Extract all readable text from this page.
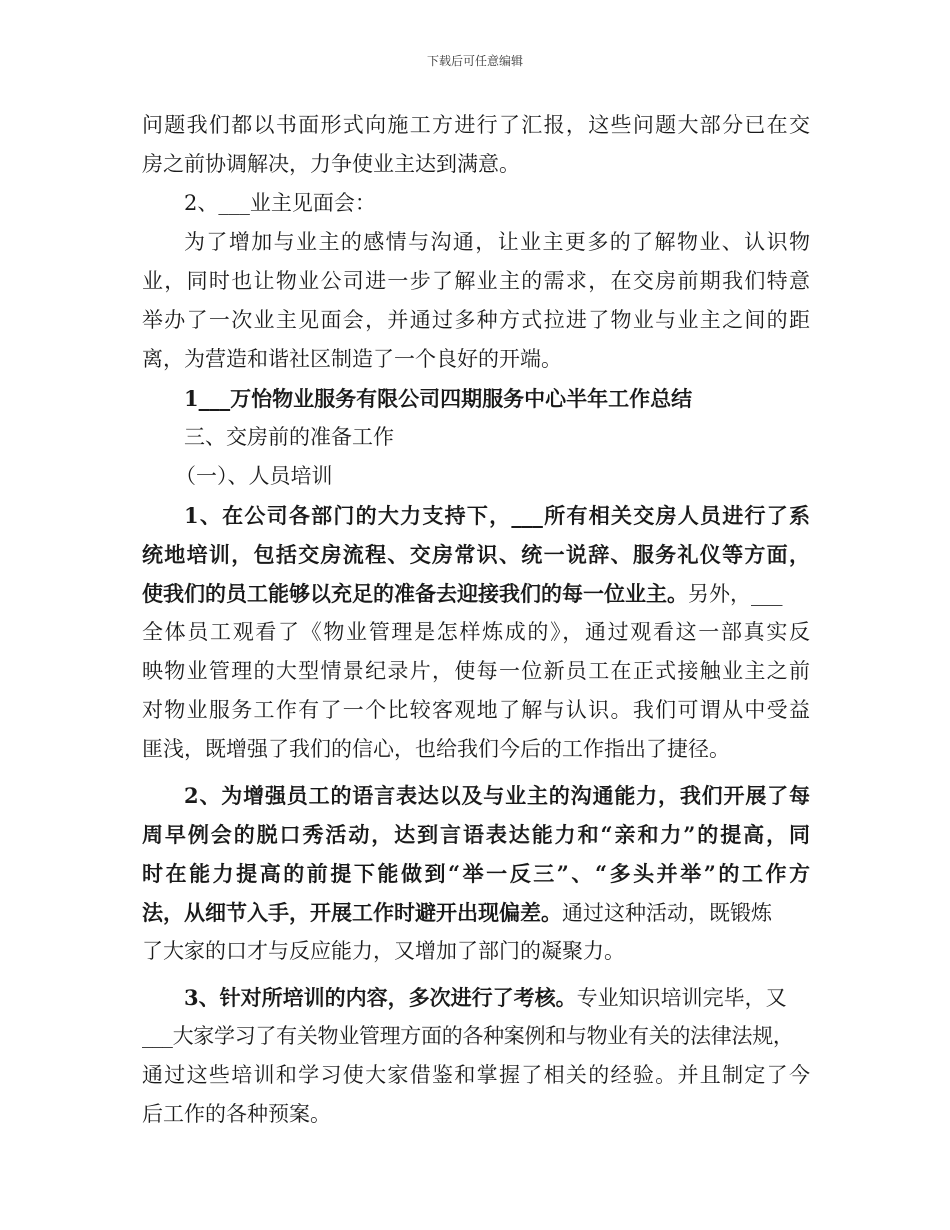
下载后可任意编辑
问题我们都以书面形式向施工方进行了汇报，这些问题大部分已在交
房之前协调解决，力争使业主达到满意。
2、___业主见面会：
为了增加与业主的感情与沟通，让业主更多的了解物业、认识物
业，同时也让物业公司进一步了解业主的需求，在交房前期我们特意
举办了一次业主见面会，并通过多种方式拉进了物业与业主之间的距
离，为营造和谐社区制造了一个良好的开端。
1___万怡物业服务有限公司四期服务中心半年工作总结
三、交房前的准备工作
（一）、人员培训
1、在公司各部门的大力支持下，___所有相关交房人员进行了系
统地培训，包括交房流程、交房常识、统一说辞、服务礼仪等方面，
使我们的员工能够以充足的准备去迎接我们的每一位业主。另外，___
全体员工观看了《物业管理是怎样炼成的》，通过观看这一部真实反
映物业管理的大型情景纪录片，使每一位新员工在正式接触业主之前
对物业服务工作有了一个比较客观地了解与认识。我们可谓从中受益
匪浅，既增强了我们的信心，也给我们今后的工作指出了捷径。
2、为增强员工的语言表达以及与业主的沟通能力，我们开展了每
周早例会的脱口秀活动，达到言语表达能力和“亲和力”的提高，同
时在能力提高的前提下能做到“举一反三”、“多头并举”的工作方
法，从细节入手，开展工作时避开出现偏差。通过这种活动，既锻炼
了大家的口才与反应能力，又增加了部门的凝聚力。
3、针对所培训的内容，多次进行了考核。专业知识培训完毕，又
___大家学习了有关物业管理方面的各种案例和与物业有关的法律法规，
通过这些培训和学习使大家借鉴和掌握了相关的经验。并且制定了今
后工作的各种预案。
